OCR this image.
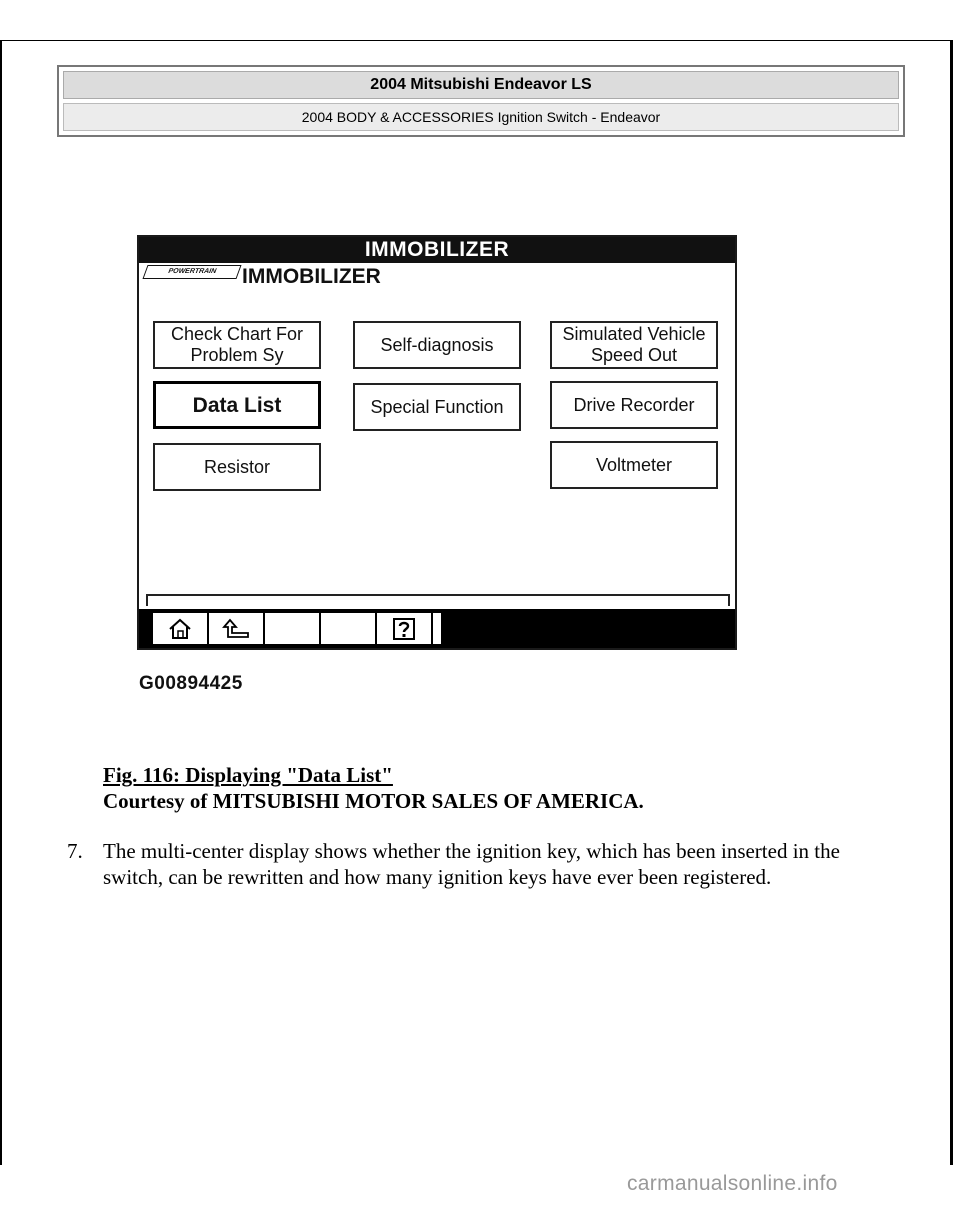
2004 Mitsubishi Endeavor LS
2004 BODY & ACCESSORIES Ignition Switch - Endeavor
IMMOBILIZER
POWERTRAIN	IMMOBILIZER
Check Chart For
Problem Sy
Self-diagnosis
Simulated Vehicle
Speed Out
Data List	Special Function	Drive Recorder
Resistor	Voltmeter
G00894425
Fig. 116: Displaying "Data List"
Courtesy of MITSUBISHI MOTOR SALES OF AMERICA.
7. The multi-center display shows whether the ignition key, which has been inserted in the switch, can be rewritten and how many ignition keys have ever been registered.
carmanualsonline.info
